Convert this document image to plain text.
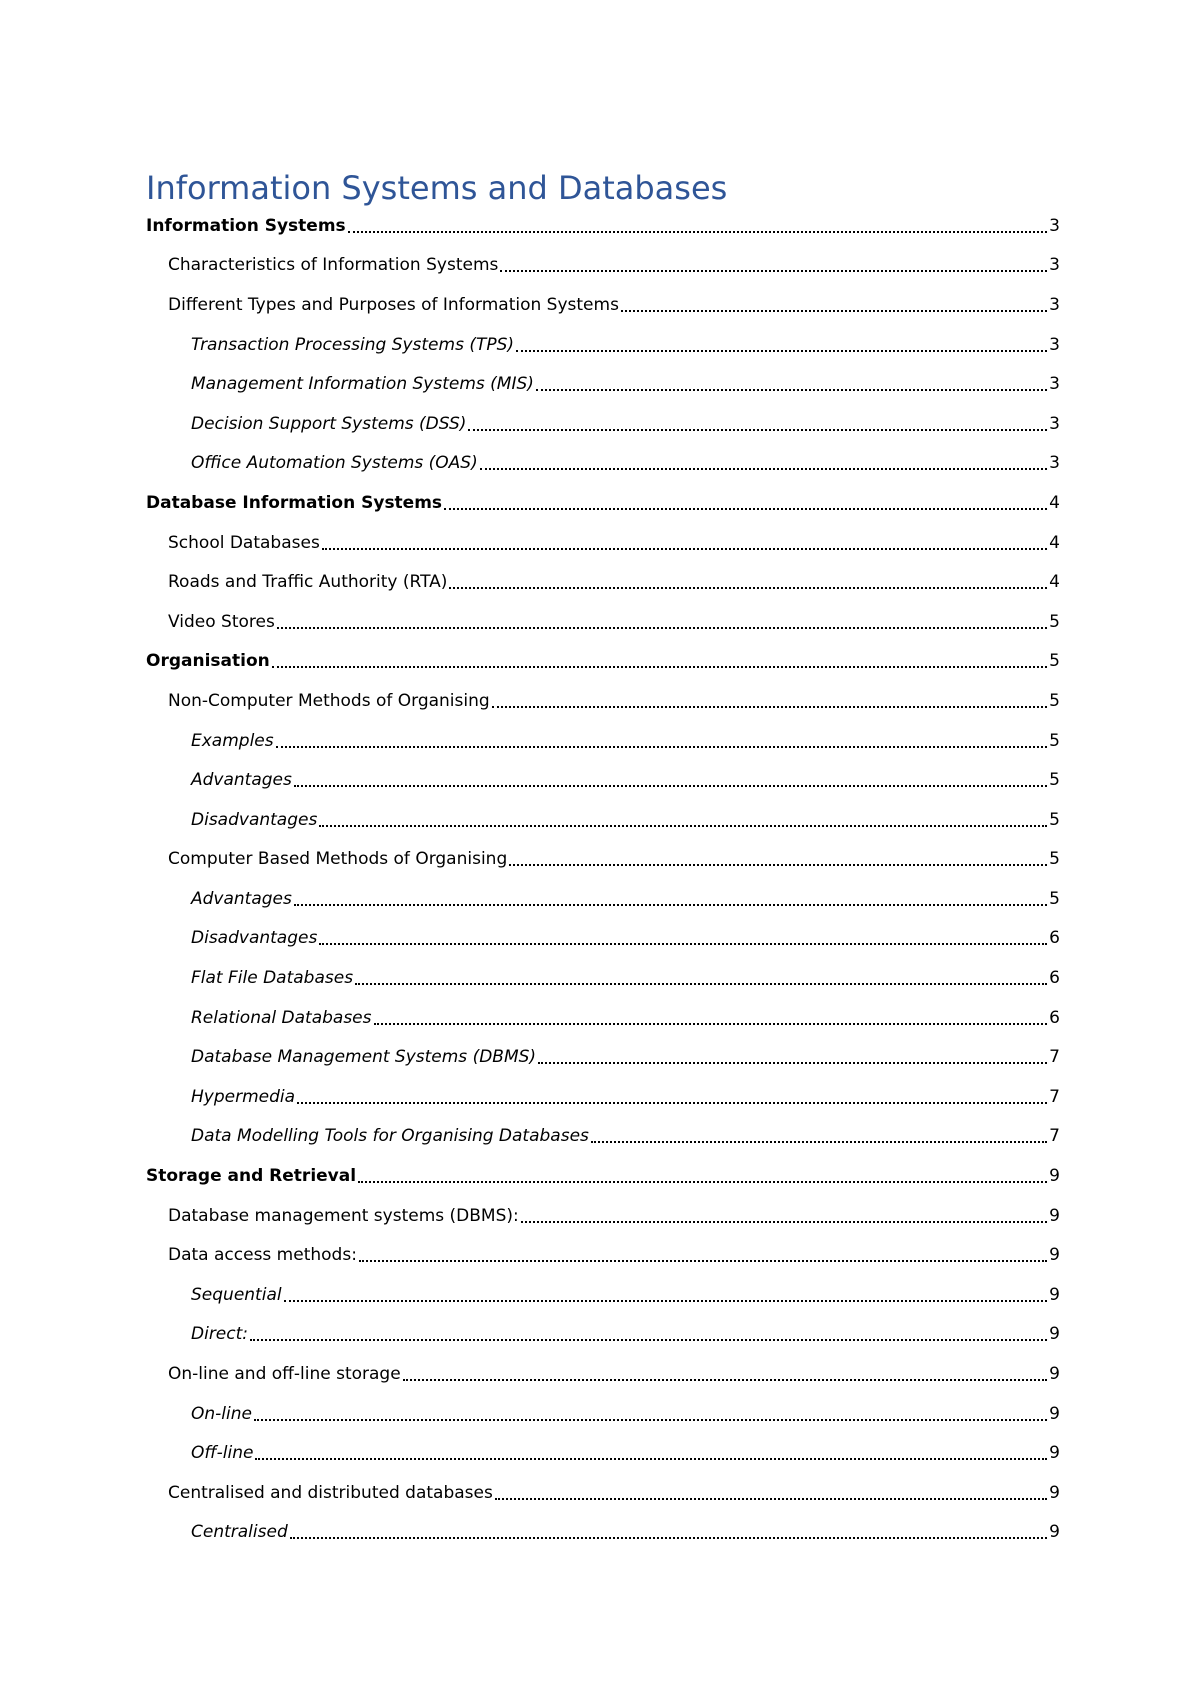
Information Systems and Databases
Information Systems	3
Characteristics of Information Systems	3
Different Types and Purposes of Information Systems	3
Transaction Processing Systems (TPS)	3
Management Information Systems (MIS)	3
Decision Support Systems (DSS)	3
Office Automation Systems (OAS)	3
Database Information Systems	4
School Databases	4
Roads and Traffic Authority (RTA)	4
Video Stores	5
Organisation	5
Non-Computer Methods of Organising	5
Examples	5
Advantages	5
Disadvantages	5
Computer Based Methods of Organising	5
Advantages	5
Disadvantages	6
Flat File Databases	6
Relational Databases	6
Database Management Systems (DBMS)	7
Hypermedia	7
Data Modelling Tools for Organising Databases	7
Storage and Retrieval	9
Database management systems (DBMS):	9
Data access methods:	9
Sequential	9
Direct:	9
On-line and off-line storage	9
On-line	9
Off-line	9
Centralised and distributed databases	9
Centralised	9
